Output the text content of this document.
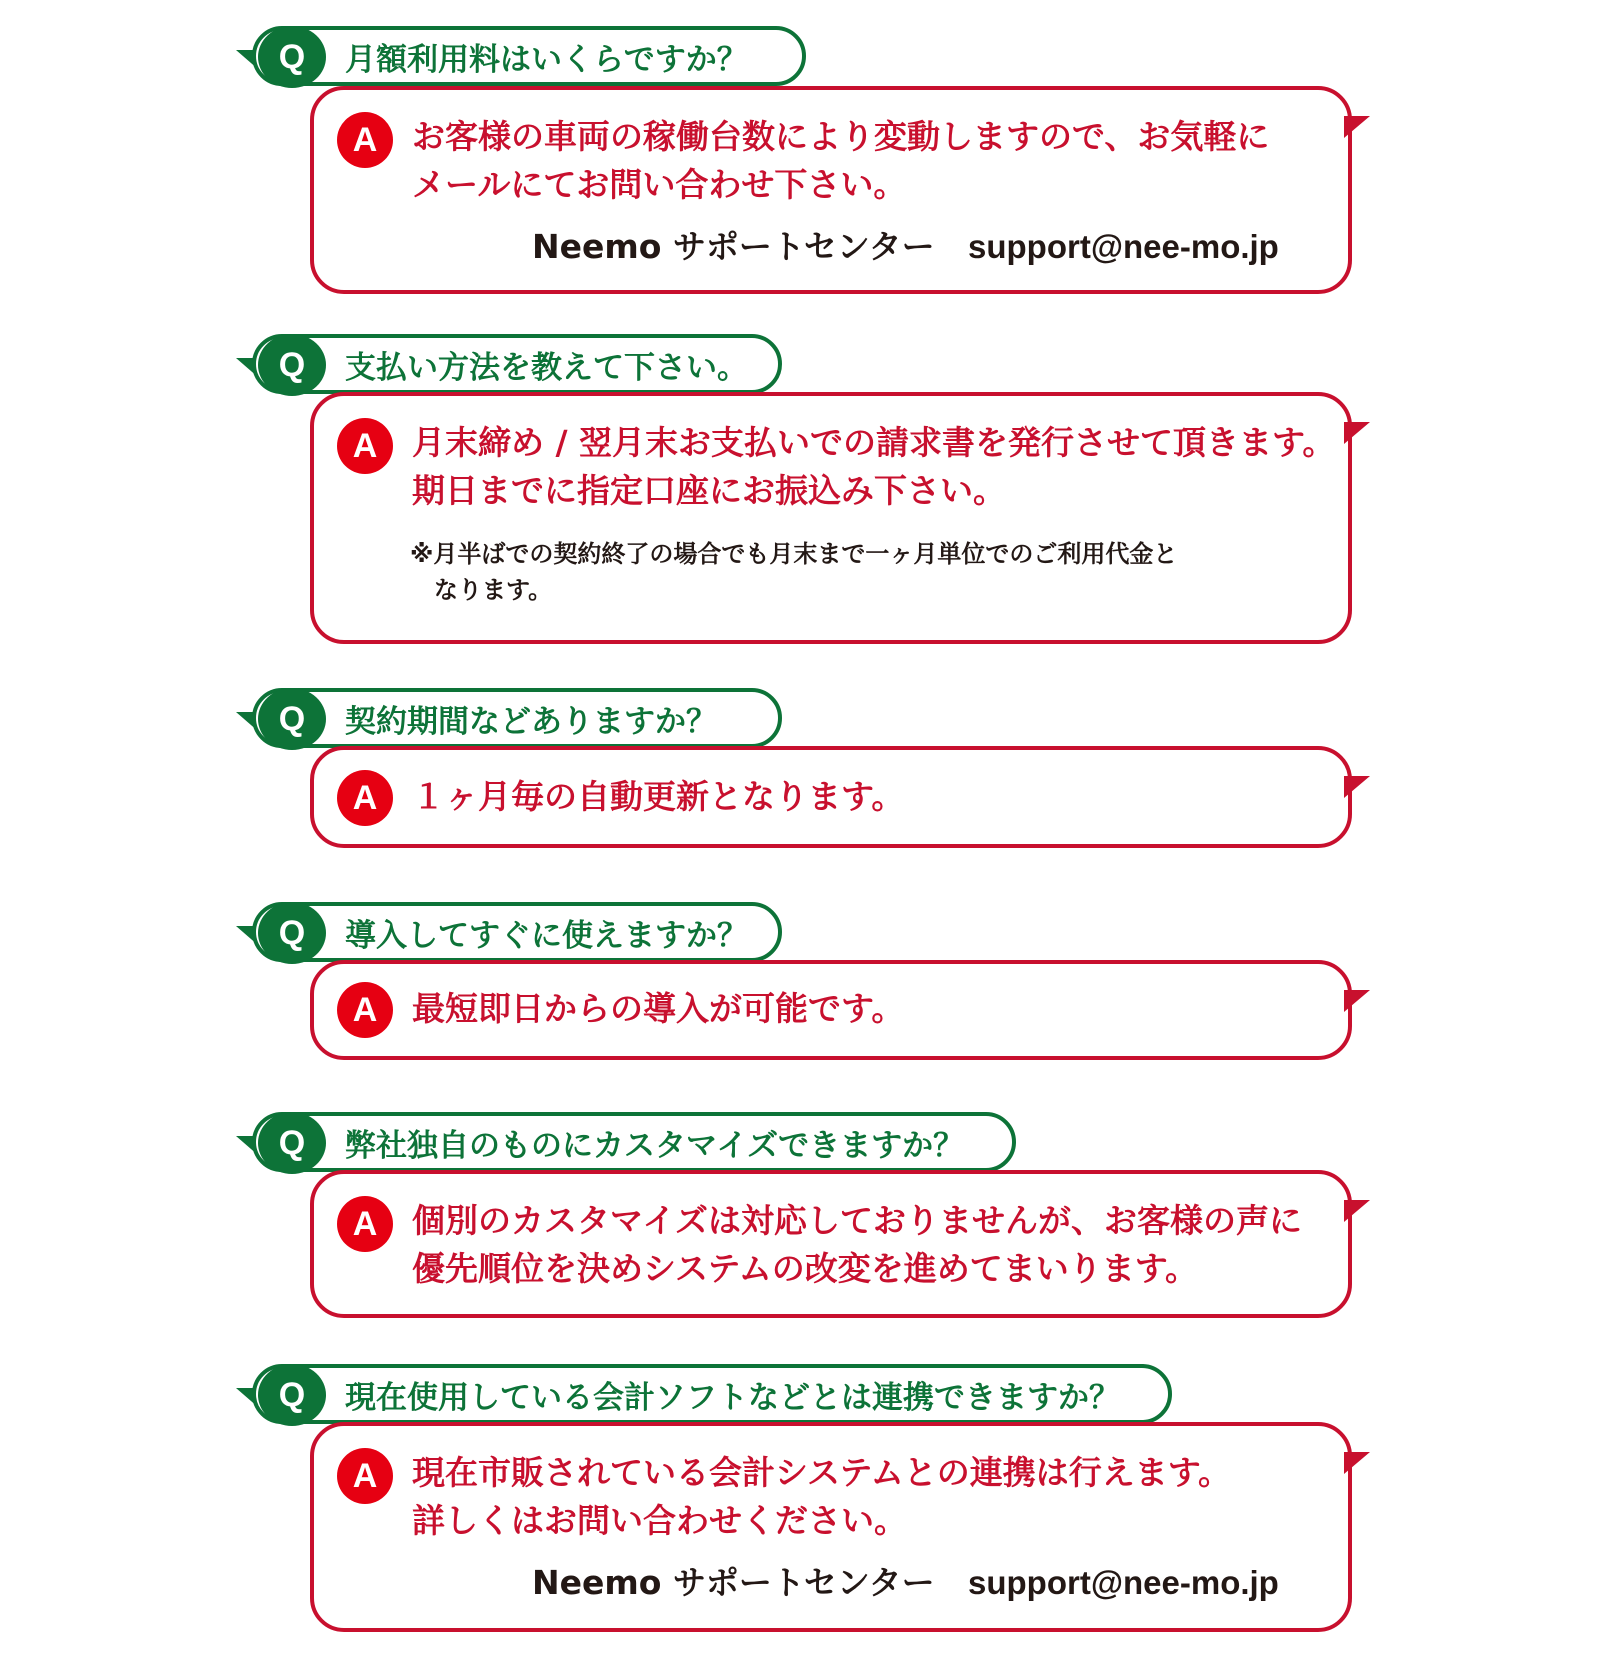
Q	月額利用料はいくらですか？
A	お客様の車両の稼働台数により変動しますので、お気軽に
メールにてお問い合わせ下さい。
Neemo サポートセンター support@nee-mo.jp
Q	支払い方法を教えて下さい。
A	月末締め / 翌月末お支払いでの請求書を発行させて頂きます。
期日までに指定口座にお振込み下さい。
※月半ばでの契約終了の場合でも月末まで一ヶ月単位でのご利用代金と
なります。
Q	契約期間などありますか？
A	１ヶ月毎の自動更新となります。
Q	導入してすぐに使えますか？
A	最短即日からの導入が可能です。
Q	弊社独自のものにカスタマイズできますか？
A	個別のカスタマイズは対応しておりませんが、お客様の声に
優先順位を決めシステムの改変を進めてまいります。
Q	現在使用している会計ソフトなどとは連携できますか？
A	現在市販されている会計システムとの連携は行えます。
詳しくはお問い合わせください。
Neemo サポートセンター support@nee-mo.jp
